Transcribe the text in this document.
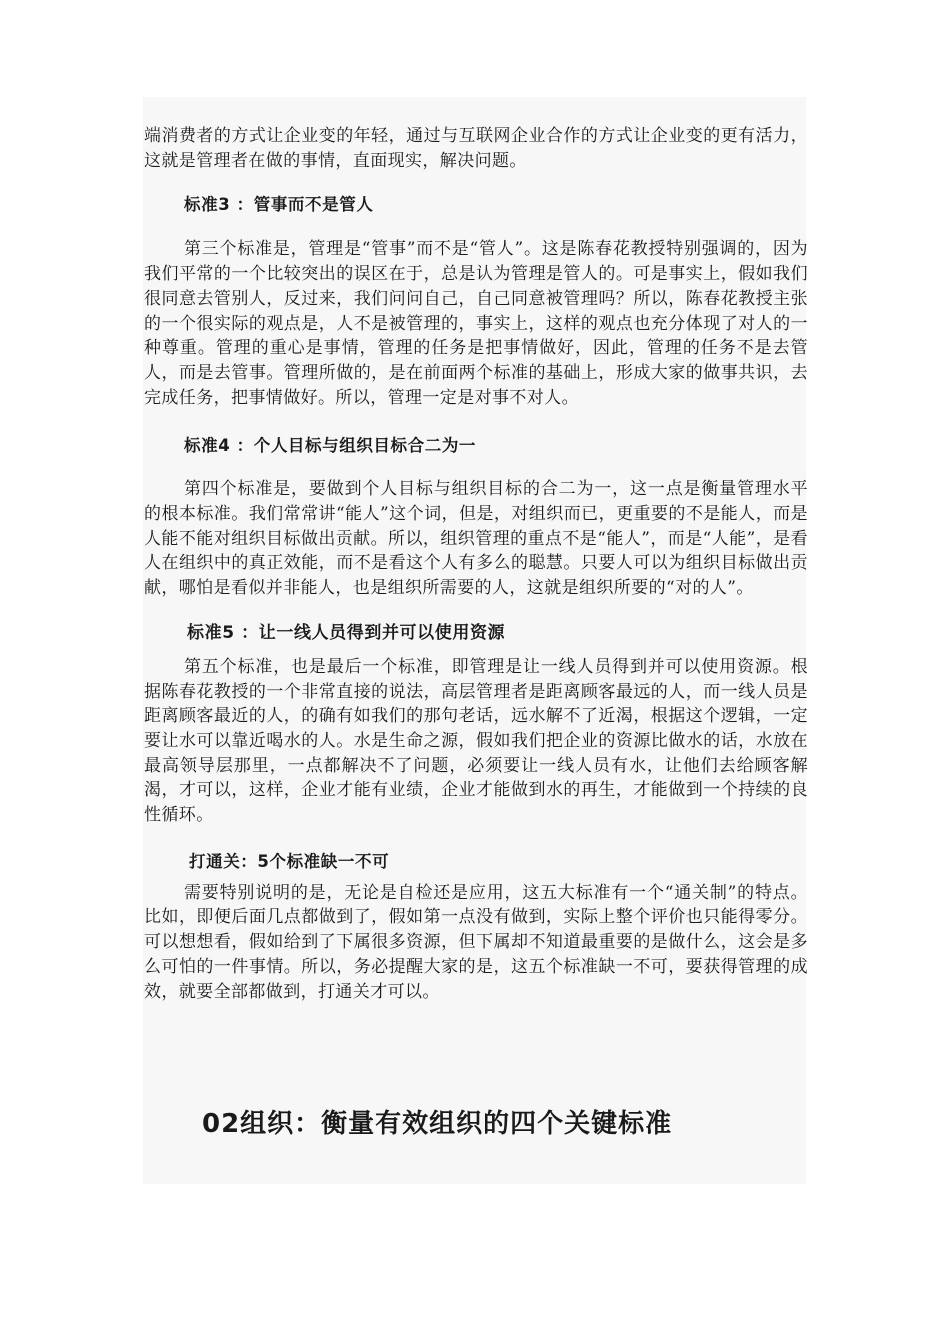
端消费者的方式让企业变的年轻，通过与互联网企业合作的方式让企业变的更有活力，这就是管理者在做的事情，直面现实，解决问题。

标准3 ：管事而不是管人

第三个标准是，管理是“管事”而不是“管人”。这是陈春花教授特别强调的，因为我们平常的一个比较突出的误区在于，总是认为管理是管人的。可是事实上，假如我们很同意去管别人，反过来，我们问问自己，自己同意被管理吗？所以，陈春花教授主张的一个很实际的观点是，人不是被管理的，事实上，这样的观点也充分体现了对人的一种尊重。管理的重心是事情，管理的任务是把事情做好，因此，管理的任务不是去管人，而是去管事。管理所做的，是在前面两个标准的基础上，形成大家的做事共识，去完成任务，把事情做好。所以，管理一定是对事不对人。

标准4 ：个人目标与组织目标合二为一

第四个标准是，要做到个人目标与组织目标的合二为一，这一点是衡量管理水平的根本标准。我们常常讲“能人”这个词，但是，对组织而已，更重要的不是能人，而是人能不能对组织目标做出贡献。所以，组织管理的重点不是“能人”，而是“人能”，是看人在组织中的真正效能，而不是看这个人有多么的聪慧。只要人可以为组织目标做出贡献，哪怕是看似并非能人，也是组织所需要的人，这就是组织所要的“对的人”。

标准5 ：让一线人员得到并可以使用资源

第五个标准，也是最后一个标准，即管理是让一线人员得到并可以使用资源。根据陈春花教授的一个非常直接的说法，高层管理者是距离顾客最远的人，而一线人员是距离顾客最近的人，的确有如我们的那句老话，远水解不了近渴，根据这个逻辑，一定要让水可以靠近喝水的人。水是生命之源，假如我们把企业的资源比做水的话，水放在最高领导层那里，一点都解决不了问题，必须要让一线人员有水，让他们去给顾客解渴，才可以，这样，企业才能有业绩，企业才能做到水的再生，才能做到一个持续的良性循环。

打通关：5个标准缺一不可

需要特别说明的是，无论是自检还是应用，这五大标准有一个“通关制”的特点。比如，即便后面几点都做到了，假如第一点没有做到，实际上整个评价也只能得零分。可以想想看，假如给到了下属很多资源，但下属却不知道最重要的是做什么，这会是多么可怕的一件事情。所以，务必提醒大家的是，这五个标准缺一不可，要获得管理的成效，就要全部都做到，打通关才可以。

02组织：衡量有效组织的四个关键标准
